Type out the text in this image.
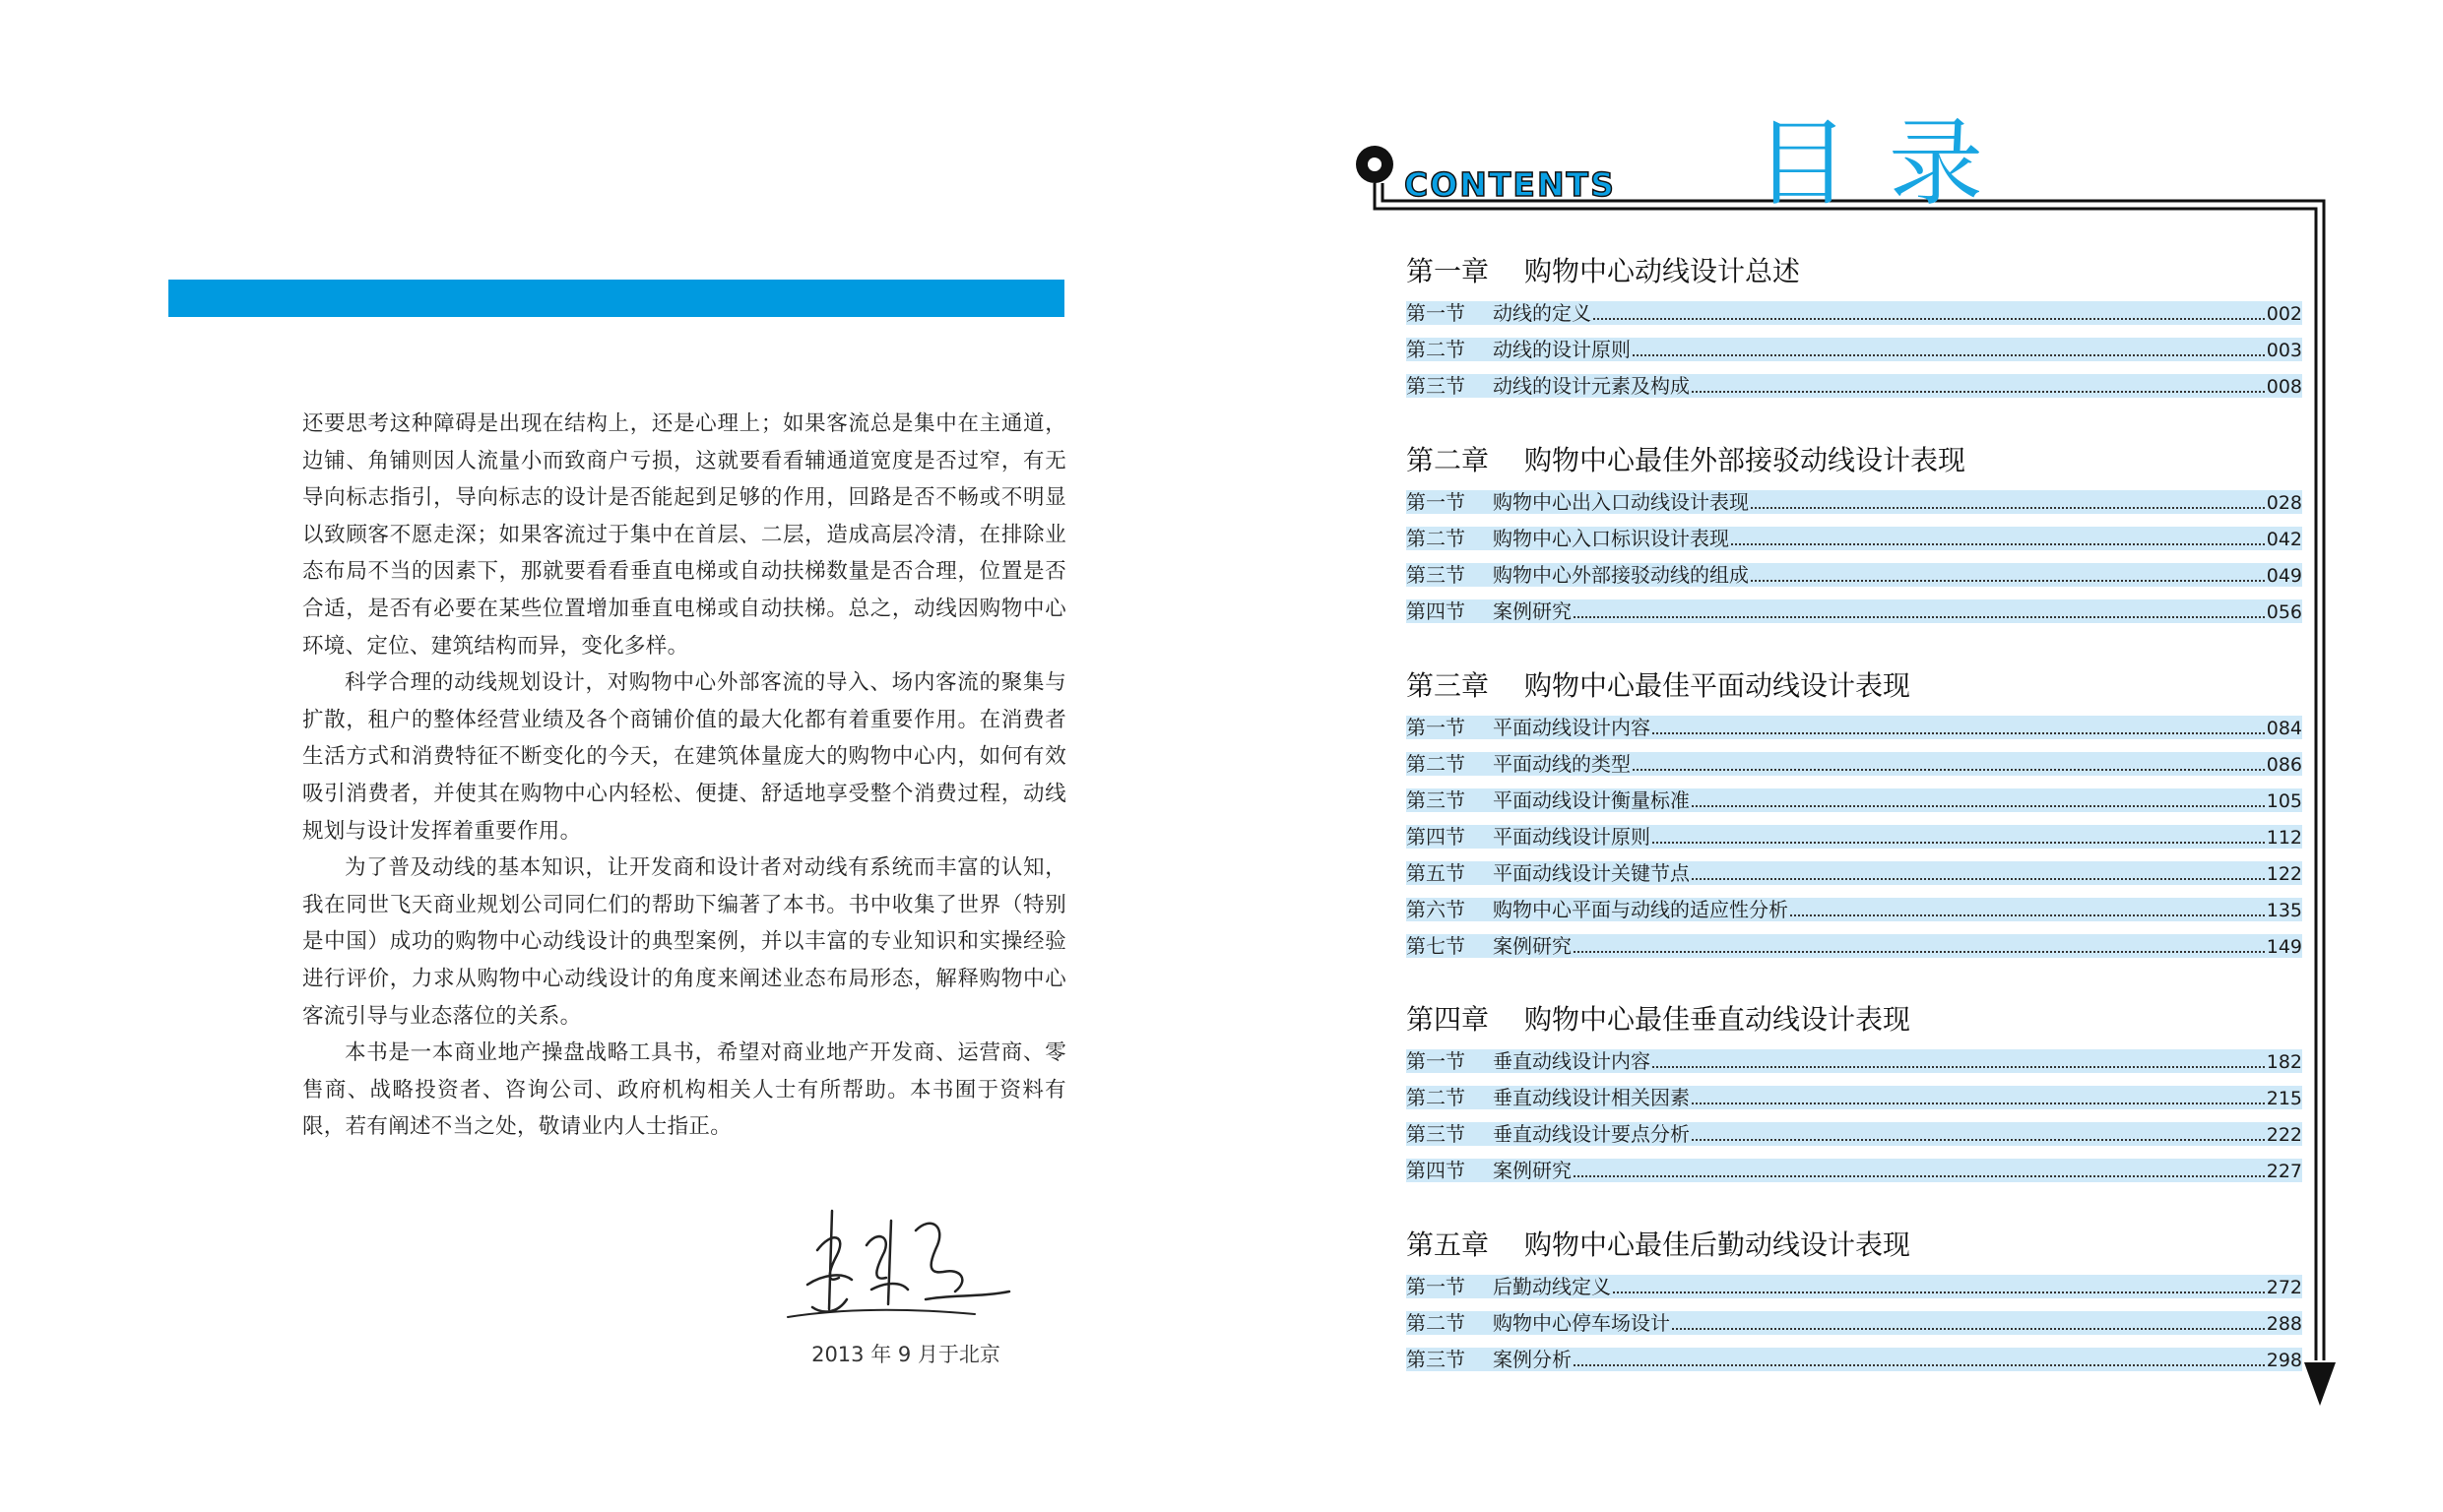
还要思考这种障碍是出现在结构上，还是心理上；如果客流总是集中在主通道，边铺、角铺则因人流量小而致商户亏损，这就要看看辅通道宽度是否过窄，有无导向标志指引，导向标志的设计是否能起到足够的作用，回路是否不畅或不明显以致顾客不愿走深；如果客流过于集中在首层、二层，造成高层冷清，在排除业态布局不当的因素下，那就要看看垂直电梯或自动扶梯数量是否合理，位置是否合适，是否有必要在某些位置增加垂直电梯或自动扶梯。总之，动线因购物中心环境、定位、建筑结构而异，变化多样。

科学合理的动线规划设计，对购物中心外部客流的导入、场内客流的聚集与扩散，租户的整体经营业绩及各个商铺价值的最大化都有着重要作用。在消费者生活方式和消费特征不断变化的今天，在建筑体量庞大的购物中心内，如何有效吸引消费者，并使其在购物中心内轻松、便捷、舒适地享受整个消费过程，动线规划与设计发挥着重要作用。

为了普及动线的基本知识，让开发商和设计者对动线有系统而丰富的认知，我在同世飞天商业规划公司同仁们的帮助下编著了本书。书中收集了世界（特别是中国）成功的购物中心动线设计的典型案例，并以丰富的专业知识和实操经验进行评价，力求从购物中心动线设计的角度来阐述业态布局形态，解释购物中心客流引导与业态落位的关系。

本书是一本商业地产操盘战略工具书，希望对商业地产开发商、运营商、零售商、战略投资者、咨询公司、政府机构相关人士有所帮助。本书囿于资料有限，若有阐述不当之处，敬请业内人士指正。

2013 年 9 月于北京
CONTENTS 目录
第一章 购物中心动线设计总述
第一节	动线的定义	002
第二节	动线的设计原则	003
第三节	动线的设计元素及构成	008
第二章 购物中心最佳外部接驳动线设计表现
第一节	购物中心出入口动线设计表现	028
第二节	购物中心入口标识设计表现	042
第三节	购物中心外部接驳动线的组成	049
第四节	案例研究	056
第三章 购物中心最佳平面动线设计表现
第一节	平面动线设计内容	084
第二节	平面动线的类型	086
第三节	平面动线设计衡量标准	105
第四节	平面动线设计原则	112
第五节	平面动线设计关键节点	122
第六节	购物中心平面与动线的适应性分析	135
第七节	案例研究	149
第四章 购物中心最佳垂直动线设计表现
第一节	垂直动线设计内容	182
第二节	垂直动线设计相关因素	215
第三节	垂直动线设计要点分析	222
第四节	案例研究	227
第五章 购物中心最佳后勤动线设计表现
第一节	后勤动线定义	272
第二节	购物中心停车场设计	288
第三节	案例分析	298
